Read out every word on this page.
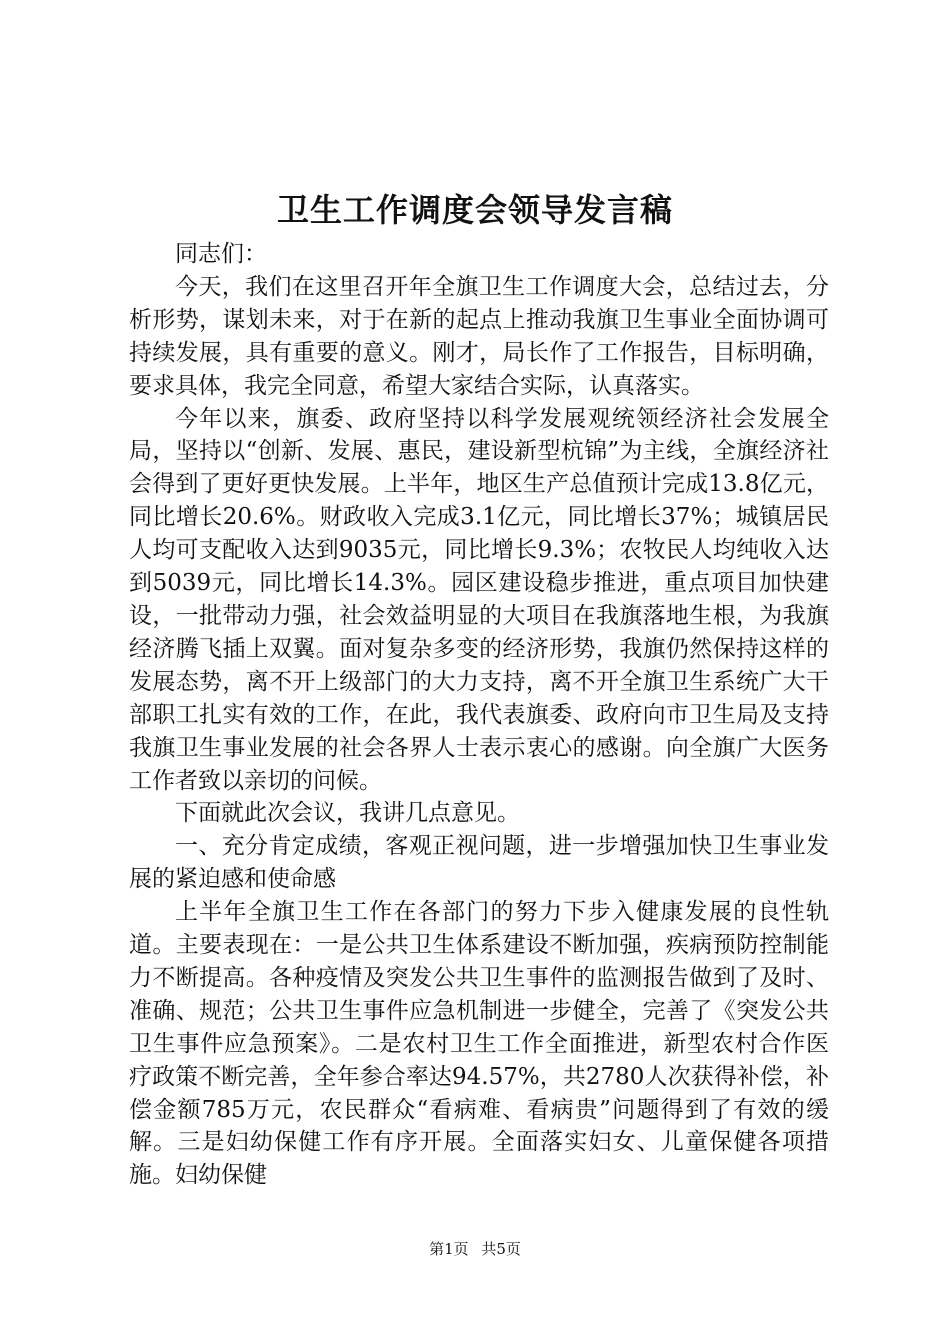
卫生工作调度会领导发言稿

同志们：

今天，我们在这里召开年全旗卫生工作调度大会，总结过去，分析形势，谋划未来，对于在新的起点上推动我旗卫生事业全面协调可持续发展，具有重要的意义。刚才，局长作了工作报告，目标明确，要求具体，我完全同意，希望大家结合实际，认真落实。

今年以来，旗委、政府坚持以科学发展观统领经济社会发展全局，坚持以“创新、发展、惠民，建设新型杭锦”为主线，全旗经济社会得到了更好更快发展。上半年，地区生产总值预计完成13.8亿元，同比增长20.6%。财政收入完成3.1亿元，同比增长37%；城镇居民人均可支配收入达到9035元，同比增长9.3%；农牧民人均纯收入达到5039元，同比增长14.3%。园区建设稳步推进，重点项目加快建设，一批带动力强，社会效益明显的大项目在我旗落地生根，为我旗经济腾飞插上双翼。面对复杂多变的经济形势，我旗仍然保持这样的发展态势，离不开上级部门的大力支持，离不开全旗卫生系统广大干部职工扎实有效的工作，在此，我代表旗委、政府向市卫生局及支持我旗卫生事业发展的社会各界人士表示衷心的感谢。向全旗广大医务工作者致以亲切的问候。

下面就此次会议，我讲几点意见。

一、充分肯定成绩，客观正视问题，进一步增强加快卫生事业发展的紧迫感和使命感

上半年全旗卫生工作在各部门的努力下步入健康发展的良性轨道。主要表现在：一是公共卫生体系建设不断加强，疾病预防控制能力不断提高。各种疫情及突发公共卫生事件的监测报告做到了及时、准确、规范；公共卫生事件应急机制进一步健全，完善了《突发公共卫生事件应急预案》。二是农村卫生工作全面推进，新型农村合作医疗政策不断完善，全年参合率达94.57%，共2780人次获得补偿，补偿金额785万元，农民群众“看病难、看病贵”问题得到了有效的缓解。三是妇幼保健工作有序开展。全面落实妇女、儿童保健各项措施。妇幼保健

第1页 共5页
